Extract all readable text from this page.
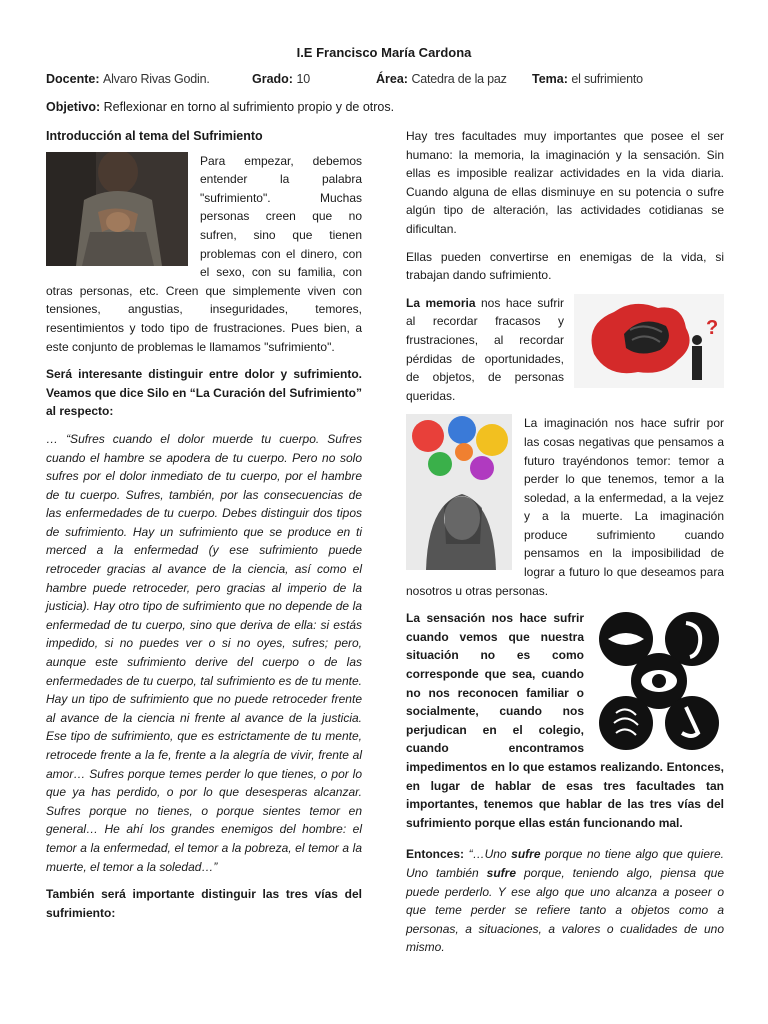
I.E Francisco María Cardona
Docente: Alvaro Rivas Godin.	Grado: 10	Área: Catedra de la paz Tema: el sufrimiento
Objetivo: Reflexionar en torno al sufrimiento propio y de otros.
Introducción al tema del Sufrimiento

Para empezar, debemos entender la palabra "sufrimiento". Muchas personas creen que no sufren, sino que tienen problemas con el dinero, con el sexo, con su familia, con otras personas, etc. Creen que simplemente viven con tensiones, angustias, inseguridades, temores, resentimientos y todo tipo de frustraciones. Pues bien, a este conjunto de problemas le llamamos "sufrimiento".

Será interesante distinguir entre dolor y sufrimiento. Veamos que dice Silo en “La Curación del Sufrimiento” al respecto:

… “Sufres cuando el dolor muerde tu cuerpo. Sufres cuando el hambre se apodera de tu cuerpo. Pero no solo sufres por el dolor inmediato de tu cuerpo, por el hambre de tu cuerpo. Sufres, también, por las consecuencias de las enfermedades de tu cuerpo. Debes distinguir dos tipos de sufrimiento. Hay un sufrimiento que se produce en ti merced a la enfermedad (y ese sufrimiento puede retroceder gracias al avance de la ciencia, así como el hambre puede retroceder, pero gracias al imperio de la justicia). Hay otro tipo de sufrimiento que no depende de la enfermedad de tu cuerpo, sino que deriva de ella: si estás impedido, si no puedes ver o si no oyes, sufres; pero, aunque este sufrimiento derive del cuerpo o de las enfermedades de tu cuerpo, tal sufrimiento es de tu mente. Hay un tipo de sufrimiento que no puede retroceder frente al avance de la ciencia ni frente al avance de la justicia. Ese tipo de sufrimiento, que es estrictamente de tu mente, retrocede frente a la fe, frente a la alegría de vivir, frente al amor… Sufres porque temes perder lo que tienes, o por lo que ya has perdido, o por lo que desesperas alcanzar. Sufres porque no tienes, o porque sientes temor en general… He ahí los grandes enemigos del hombre: el temor a la enfermedad, el temor a la pobreza, el temor a la muerte, el temor a la soledad…”

También será importante distinguir las tres vías del sufrimiento:

Hay tres facultades muy importantes que posee el ser humano: la memoria, la imaginación y la sensación. Sin ellas es imposible realizar actividades en la vida diaria. Cuando alguna de ellas disminuye en su potencia o sufre algún tipo de alteración, las actividades cotidianas se dificultan.

Ellas pueden convertirse en enemigas de la vida, si trabajan dando sufrimiento.

?

La memoria nos hace sufrir al recordar fracasos y frustraciones, al recordar pérdidas de oportunidades, de objetos, de personas queridas.

La imaginación nos hace sufrir por las cosas negativas que pensamos a futuro trayéndonos temor: temor a perder lo que tenemos, temor a la soledad, a la enfermedad, a la vejez y a la muerte. La imaginación produce sufrimiento cuando pensamos en la imposibilidad de lograr a futuro lo que deseamos para nosotros u otras personas.

La sensación nos hace sufrir cuando vemos que nuestra situación no es como corresponde que sea, cuando no nos reconocen familiar o socialmente, cuando nos perjudican en el colegio, cuando encontramos impedimentos en lo que estamos realizando. Entonces, en lugar de hablar de esas tres facultades tan importantes, tenemos que hablar de las tres vías del sufrimiento porque ellas están funcionando mal.

Entonces: “…Uno sufre porque no tiene algo que quiere. Uno también sufre porque, teniendo algo, piensa que puede perderlo. Y ese algo que uno alcanza a poseer o que teme perder se refiere tanto a objetos como a personas, a situaciones, a valores o cualidades de uno mismo.
